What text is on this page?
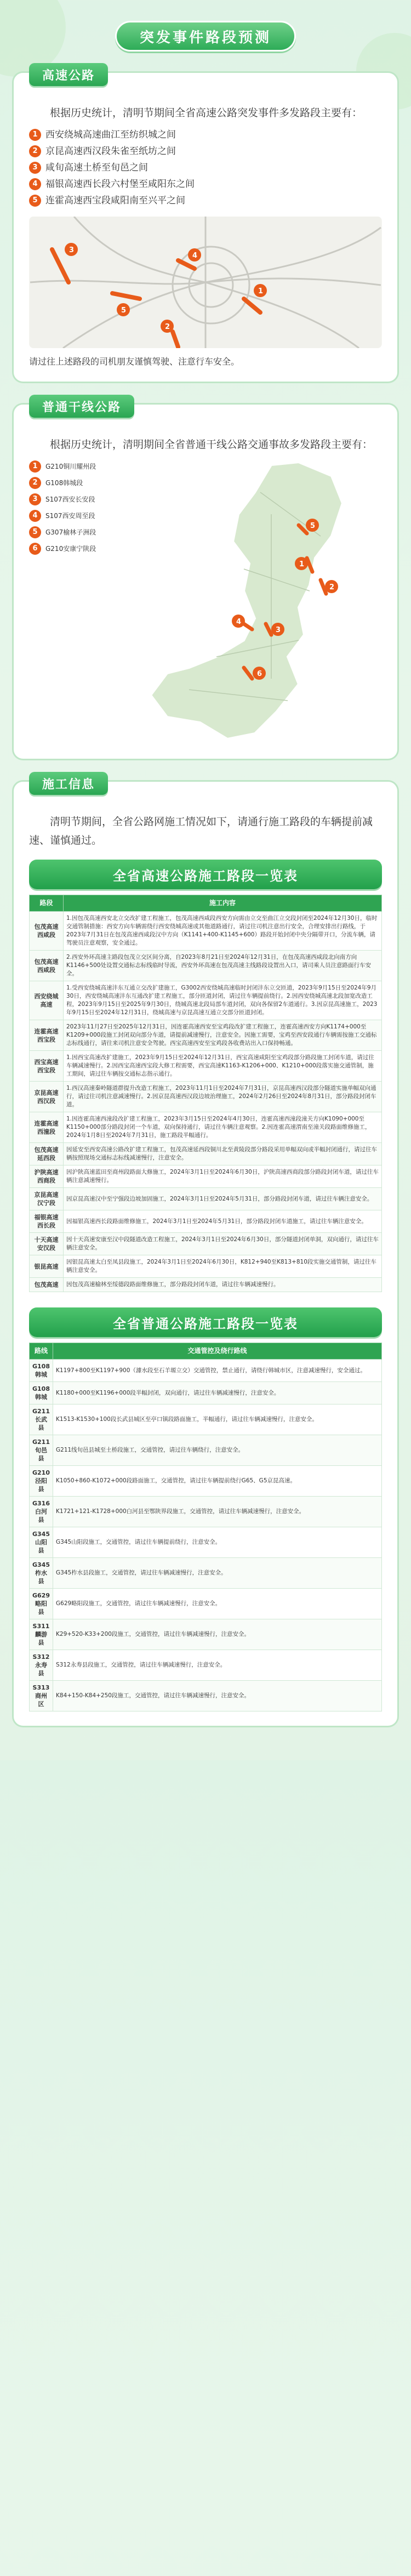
突发事件路段预测
高速公路

根据历史统计，清明节期间全省高速公路突发事件多发路段主要有：

1 西安绕城高速曲江至纺织城之间
2 京昆高速西汉段朱雀至纸坊之间
3 咸旬高速土桥至旬邑之间
4 福银高速西长段六村堡至咸阳东之间
5 连霍高速西宝段咸阳南至兴平之间
1
2
3
4
5

请过往上述路段的司机朋友谨慎驾驶、注意行车安全。

普通干线公路

根据历史统计，清明期间全省普通干线公路交通事故多发路段主要有：

1	G210铜川耀州段
2	G108韩城段
3	S107西安长安段
4	S107西安周至段
5	G307榆林子洲段
6	G210安康宁陕段
1
2
3
4
5
6
施工信息

清明节期间，全省公路网施工情况如下，请通行施工路段的车辆提前减速、谨慎通过。

全省高速公路施工路段一览表
路段	施工内容
包茂高速西咸段	1.因包茂高速西安北立交改扩建工程施工，包茂高速西咸段西安方向需由立交至曲江立交段封闭至2024年12月30日，临时交通管制措施：西安方向车辆需绕行西安绕城高速或其他道路通行，请过往司机注意出行安全，合理安排出行路线，于2023年7月31日在包茂高速西咸段汉中方向（K1141+400-K1145+600）路段开始封闭中央分隔带开口，分流车辆，请驾驶员注意观察，安全通过。
包茂高速西咸段	2.西安外环高速主路段包茂立交区间分离，自2023年8月21日至2024年12月31日，在包茂高速西咸段北向南方向K1146+500处设置交通标志标线临时导流，西安外环高速在包茂高速主线路段设置出入口，请司乘人员注意路面行车安全。
西安绕城高速	1.受西安绕城高速沣东互通立交改扩建施工，G3002西安绕城高速临时封闭沣东立交匝道，2023年9月15日至2024年9月30日，西安绕城高速沣东互通改扩建工程施工，部分匝道封闭，请过往车辆提前绕行。2.因西安绕城高速北段加宽改造工程，2023年9月15日至2025年9月30日，绕城高速北段局部车道封闭，双向各保留2车道通行。3.因京昆高速施工，2023年9月15日至2024年12月31日，绕城高速与京昆高速互通立交部分匝道封闭。
连霍高速西宝段	2023年11月27日至2025年12月31日，因连霍高速西安至宝鸡段改扩建工程施工，连霍高速西安方向K1174+000至K1209+000段施工封闭双向部分车道，请提前减速慢行，注意安全。因施工需要，宝鸡至西安段通行车辆需按施工交通标志标线通行，请往来司机注意安全驾驶。西宝高速西安至宝鸡段各收费站出入口保持畅通。
西宝高速西宝段	1.因西宝高速改扩建施工，2023年9月15日至2024年12月31日，西宝高速咸阳至宝鸡段部分路段施工封闭车道，请过往车辆减速慢行。2.因西宝高速西宝段大修工程需要，西宝高速K1163-K1206+000、K1210+000段落实施交通管制，施工期间，请过往车辆按交通标志指示通行。
京昆高速西汉段	1.西汉高速秦岭隧道群提升改造工程施工，2023年11月1日至2024年7月31日，京昆高速西汉段部分隧道实施单幅双向通行，请过往司机注意减速慢行。2.因京昆高速西汉段边坡治理施工，2024年2月26日至2024年8月31日，部分路段封闭车道。
连霍高速西潼段	1.因连霍高速西潼段改扩建工程施工，2023年3月15日至2024年4月30日，连霍高速西潼段潼关方向K1090+000至K1150+000部分路段封闭一个车道，双向保持通行，请过往车辆注意观察。2.因连霍高速渭南至潼关段路面维修施工，2024年1月8日至2024年7月31日，施工路段半幅通行。
包茂高速延西段	因延安至西安高速公路改扩建工程施工，包茂高速延西段铜川北至黄陵段部分路段采用单幅双向或半幅封闭通行，请过往车辆按照现场交通标志标线减速慢行，注意安全。
沪陕高速西商段	因沪陕高速蓝田至商州段路面大修施工，2024年3月1日至2024年6月30日，沪陕高速西商段部分路段封闭车道，请过往车辆注意减速慢行。
京昆高速汉宁段	因京昆高速汉中至宁强段边坡加固施工，2024年3月1日至2024年5月31日，部分路段封闭车道，请过往车辆注意安全。
福银高速西长段	因福银高速西长段路面维修施工，2024年3月1日至2024年5月31日，部分路段封闭车道施工，请过往车辆注意安全。
十天高速安汉段	因十天高速安康至汉中段隧道改造工程施工，2024年3月1日至2024年6月30日，部分隧道封闭单洞，双向通行，请过往车辆注意安全。
银昆高速	因银昆高速太白至凤县段施工，2024年3月1日至2024年6月30日，K812+940至K813+810段实施交通管制，请过往车辆注意安全。
包茂高速	因包茂高速榆林至绥德段路面维修施工，部分路段封闭车道，请过往车辆减速慢行。
全省普通公路施工路段一览表
路线	交通管控及绕行路线
G108韩城	K1197+800至K1197+900（澽水段至石羊塬立交）交通管控，禁止通行，请绕行韩城市区，注意减速慢行，安全通过。
G108韩城	K1180+000至K1196+000段半幅封闭，双向通行，请过往车辆减速慢行，注意安全。
G211长武县	K1513-K1530+100段长武县城区至亭口镇段路面施工，半幅通行，请过往车辆减速慢行，注意安全。
G211旬邑县	G211线旬邑县城至土桥段施工，交通管控，请过往车辆绕行，注意安全。
G210泾阳县	K1050+860-K1072+000段路面施工，交通管控，请过往车辆提前绕行G65、G5京昆高速。
G316白河县	K1721+121-K1728+000白河县至鄂陕界段施工，交通管控，请过往车辆减速慢行，注意安全。
G345山阳县	G345山阳段施工，交通管控，请过往车辆提前绕行，注意安全。
G345柞水县	G345柞水县段施工，交通管控，请过往车辆减速慢行，注意安全。
G629略阳县	G629略阳段施工，交通管控，请过往车辆减速慢行，注意安全。
S311麟游县	K29+520-K33+200段施工，交通管控，请过往车辆减速慢行，注意安全。
S312永寿县	S312永寿县段施工，交通管控，请过往车辆减速慢行，注意安全。
S313商州区	K84+150-K84+250段施工，交通管控，请过往车辆减速慢行，注意安全。
